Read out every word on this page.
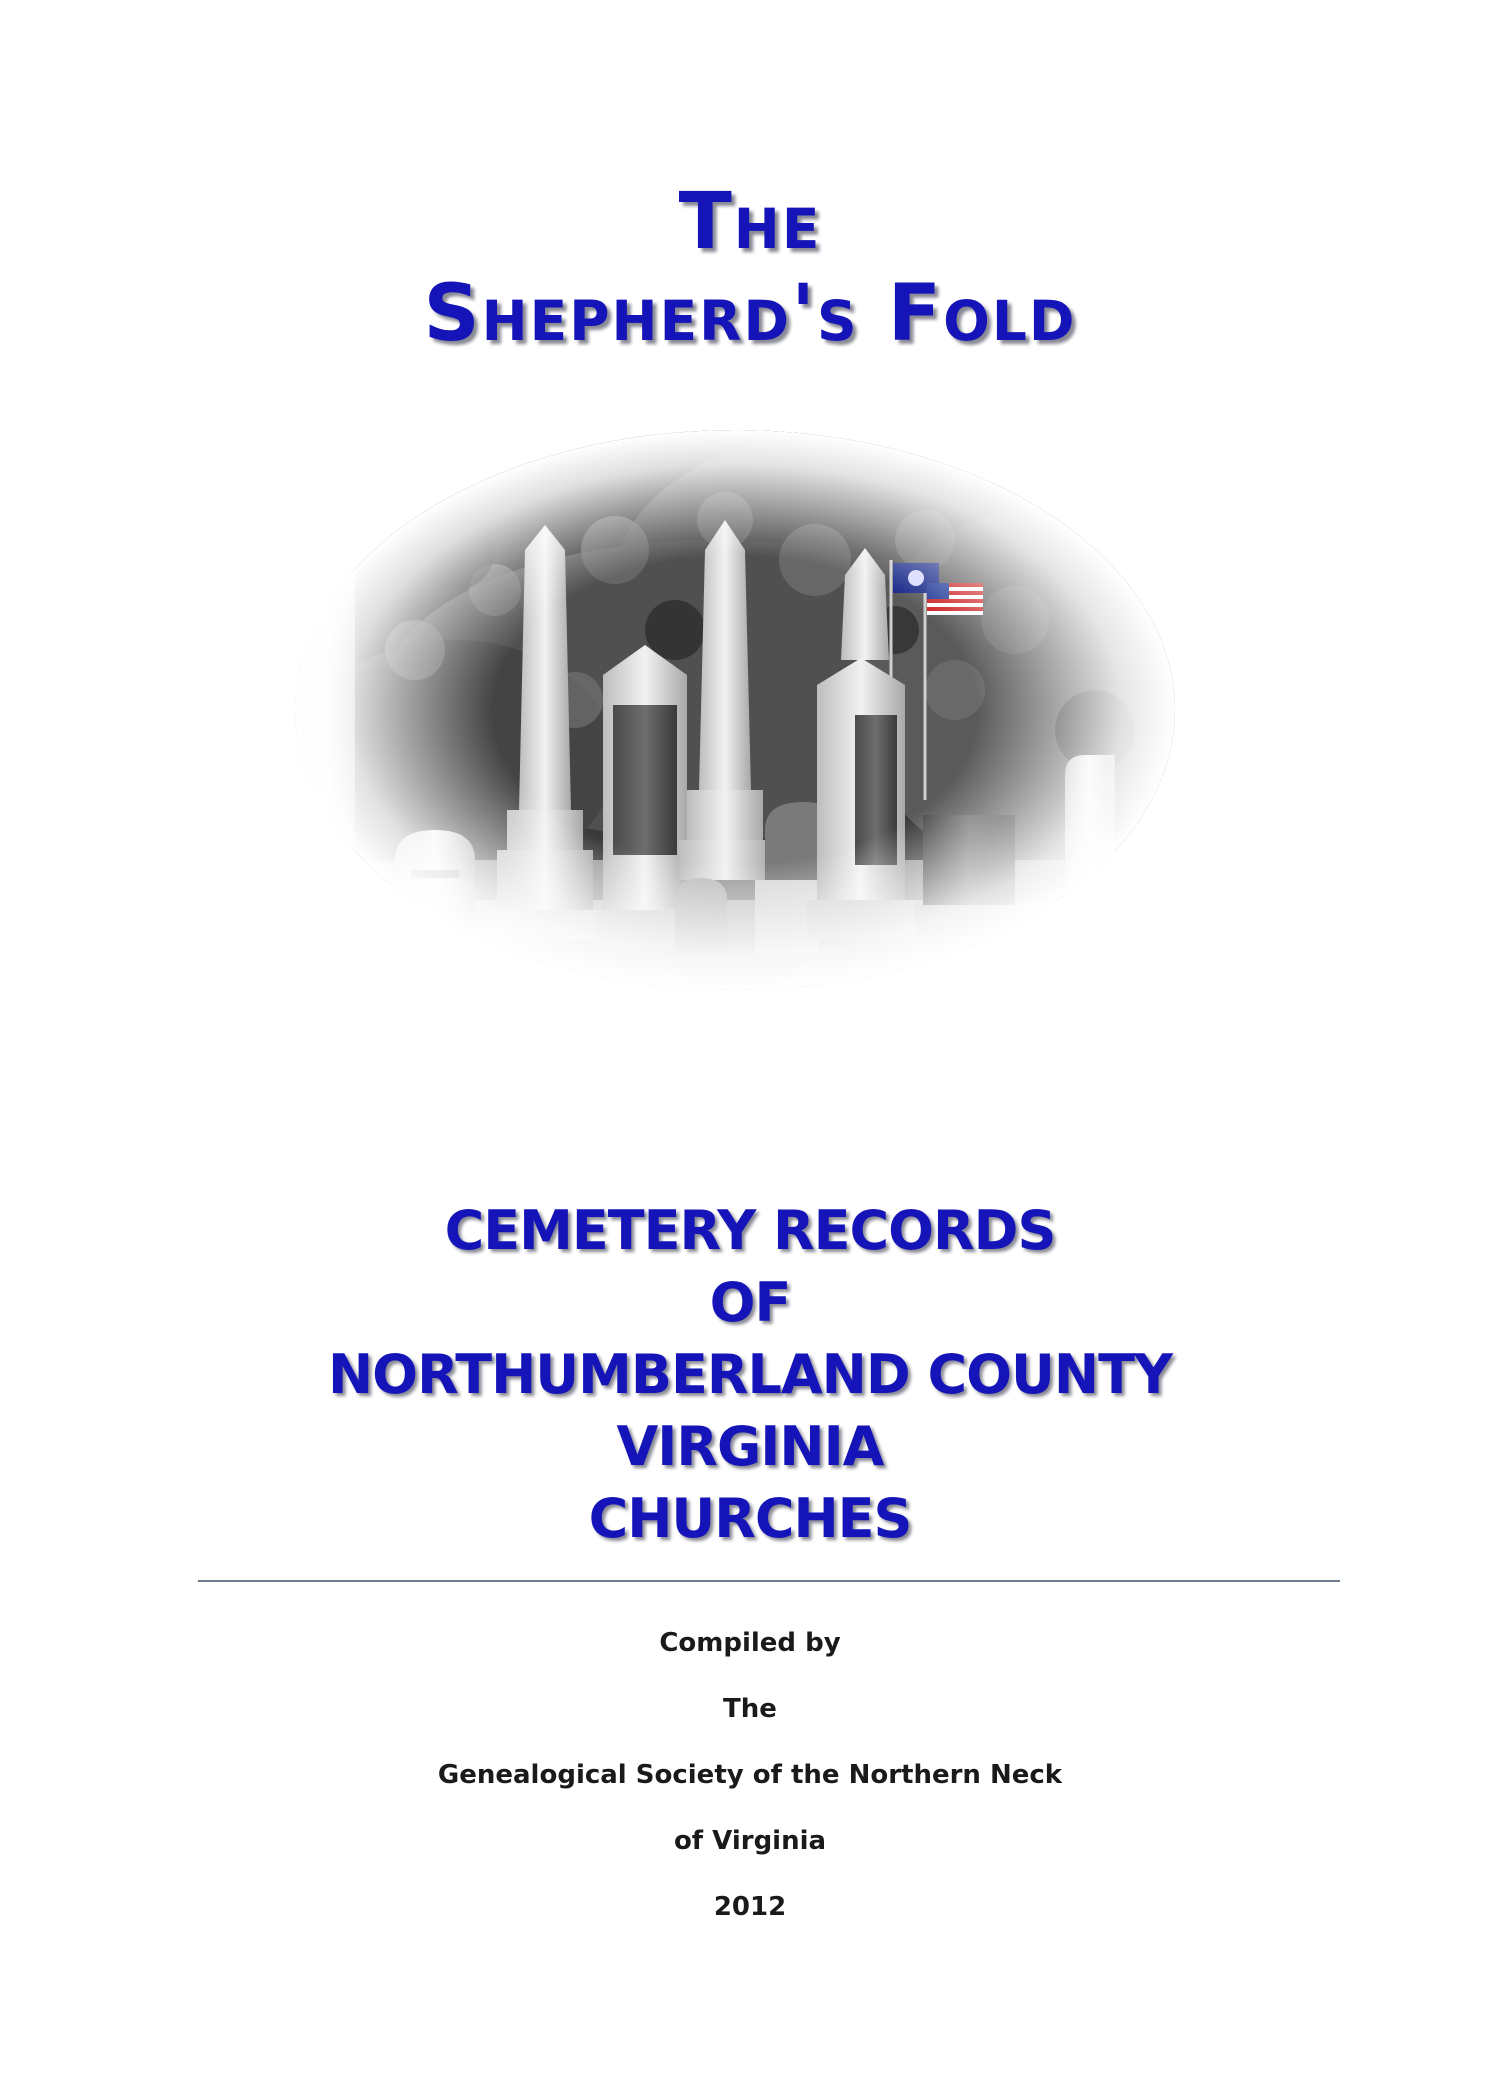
The
Shepherd's Fold
CEMETERY RECORDS
OF
NORTHUMBERLAND COUNTY
VIRGINIA
CHURCHES
Compiled by
The
Genealogical Society of the Northern Neck
of Virginia
2012
